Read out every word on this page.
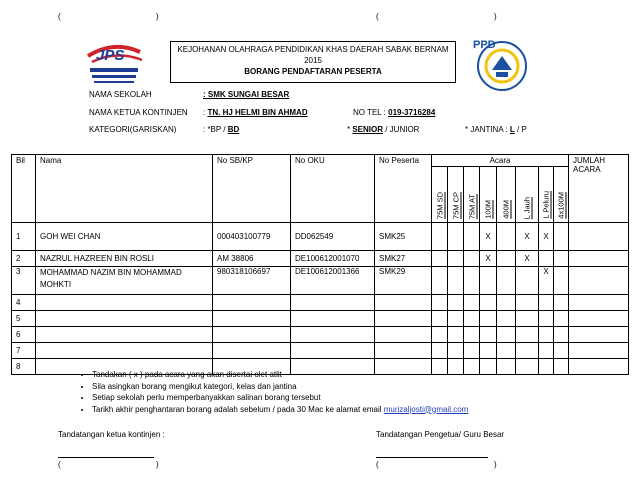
(	)	(	)
JPS	KEJOHANAN OLAHRAGA PENDIDIKAN KHAS DAERAH SABAK BERNAM
2015
BORANG PENDAFTARAN PESERTA
PPD
NAMA SEKOLAH	: SMK SUNGAI BESAR
NAMA KETUA KONTINJEN : TN. HJ HELMI BIN AHMAD	NO TEL : 019-3716284
KATEGORI(GARISKAN)	: *BP / BD	* SENIOR / JUNIOR	* JANTINA : L / P
Bil	Nama	No SB/KP	No OKU	No Peserta	Acara								JUMLAH ACARA

					75M SD	75M CP	75M AT	100M	400M	L Jauh	L Peluru	4x100M	

1	GOH WEI CHAN	000403100779	DD062549	SMK25				X		X	X		
2	NAZRUL HAZREEN BIN ROSLI	AM 38806	DE100612001070	SMK27				X		X			
3	MOHAMMAD NAZIM BIN MOHAMMAD MOHKTI	980318106697	DE100612001366	SMK29							X		
4													
5													
6													
7													
8													
• Tandakan ( x ) pada acara yang akan disertai olet atlit
• Sila asingkan borang mengikut kategori, kelas dan jantina
• Setiap sekolah perlu memperbanyakkan salinan borang tersebut
• Tarikh akhir penghantaran borang adalah sebelum / pada 30 Mac ke alamat email murizaljosti@gmail.com
Tandatangan ketua kontinjen :	Tandatangan Pengetua/ Guru Besar
(	)	(	)
